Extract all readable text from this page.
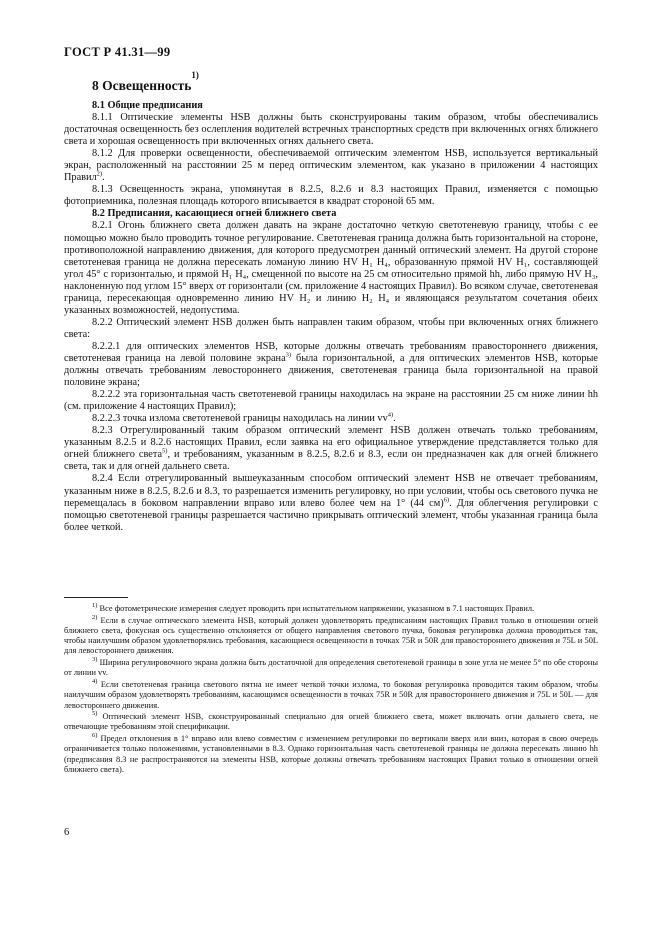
ГОСТ Р 41.31—99
8 Освещенность$^{1)}$
8.1 Общие предписания

8.1.1 Оптические элементы HSB должны быть сконструированы таким образом, чтобы обеспечивались достаточная освещенность без ослепления водителей встречных транспортных средств при включенных огнях ближнего света и хорошая освещенность при включенных огнях дальнего света.

8.1.2 Для проверки освещенности, обеспечиваемой оптическим элементом HSB, используется вертикальный экран, расположенный на расстоянии 25 м перед оптическим элементом, как указано в приложении 4 настоящих Правил$^{2)}$.

8.1.3 Освещенность экрана, упомянутая в 8.2.5, 8.2.6 и 8.3 настоящих Правил, изменяется с помощью фотоприемника, полезная площадь которого вписывается в квадрат стороной 65 мм.

8.2 Предписания, касающиеся огней ближнего света

8.2.1 Огонь ближнего света должен давать на экране достаточно четкую светотеневую границу, чтобы с ее помощью можно было проводить точное регулирование. Светотеневая граница должна быть горизонтальной на стороне, противоположной направлению движения, для которого предусмотрен данный оптический элемент. На другой стороне светотеневая граница не должна пересекать ломаную линию HV H₁ H₄, образованную прямой HV H₁, составляющей угол 45° с горизонталью, и прямой H₁ H₄, смещенной по высоте на 25 см относительно прямой hh, либо прямую HV H₃, наклоненную под углом 15° вверх от горизонтали (см. приложение 4 настоящих Правил). Во всяком случае, светотеневая граница, пересекающая одновременно линию HV H₂ и линию H₂ H₄ и являющаяся результатом сочетания обеих указанных возможностей, недопустима.

8.2.2 Оптический элемент HSB должен быть направлен таким образом, чтобы при включенных огнях ближнего света:

8.2.2.1 для оптических элементов HSB, которые должны отвечать требованиям правостороннего движения, светотеневая граница на левой половине экрана$^{3)}$ была горизонтальной, а для оптических элементов HSB, которые должны отвечать требованиям левостороннего движения, светотеневая граница была горизонтальной на правой половине экрана;

8.2.2.2 эта горизонтальная часть светотеневой границы находилась на экране на расстоянии 25 см ниже линии hh (см. приложение 4 настоящих Правил);

8.2.2.3 точка излома светотеневой границы находилась на линии $vv^{4)}$.

8.2.3 Отрегулированный таким образом оптический элемент HSB должен отвечать только требованиям, указанным 8.2.5 и 8.2.6 настоящих Правил, если заявка на его официальное утверждение представляется только для огней ближнего света$^{5)}$, и требованиям, указанным в 8.2.5, 8.2.6 и 8.3, если он предназначен как для огней ближнего света, так и для огней дальнего света.

8.2.4 Если отрегулированный вышеуказанным способом оптический элемент HSB не отвечает требованиям, указанным ниже в 8.2.5, 8.2.6 и 8.3, то разрешается изменить регулировку, но при условии, чтобы ось светового пучка не перемещалась в боковом направлении вправо или влево более чем на 1° (44 см)$^{6)}$. Для облегчения регулировки с помощью светотеневой границы разрешается частично прикрывать оптический элемент, чтобы указанная граница была более четкой.

$^{1)}$ Все фотометрические измерения следует проводить при испытательном напряжении, указанном в 7.1 настоящих Правил.

$^{2)}$ Если в случае оптического элемента HSB, который должен удовлетворять предписаниям настоящих Правил только в отношении огней ближнего света, фокусная ось существенно отклоняется от общего направления светового пучка, боковая регулировка должна проводиться так, чтобы наилучшим образом удовлетворялись требования, касающиеся освещенности в точках 75R и 50R для правостороннего движения и 75L и 50L для левостороннего движения.

$^{3)}$ Ширина регулировочного экрана должна быть достаточной для определения светотеневой границы в зоне угла не менее 5° по обе стороны от линии vv.

$^{4)}$ Если светотеневая граница светового пятна не имеет четкой точки излома, то боковая регулировка проводится таким образом, чтобы наилучшим образом удовлетворять требованиям, касающимся освещенности в точках 75R и 50R для правостороннего движения и 75L и 50L — для левостороннего движения.

$^{5)}$ Оптический элемент HSB, сконструированный специально для огней ближнего света, может включать огни дальнего света, не отвечающие требованиям этой спецификации.

$^{6)}$ Предел отклонения в 1° вправо или влево совместим с изменением регулировки по вертикали вверх или вниз, которая в свою очередь ограничивается только положениями, установленными в 8.3. Однако горизонтальная часть светотеневой границы не должна пересекать линию hh (предписания 8.3 не распространяются на элементы HSB, которые должны отвечать требованиям настоящих Правил только в отношении огней ближнего света).

6
